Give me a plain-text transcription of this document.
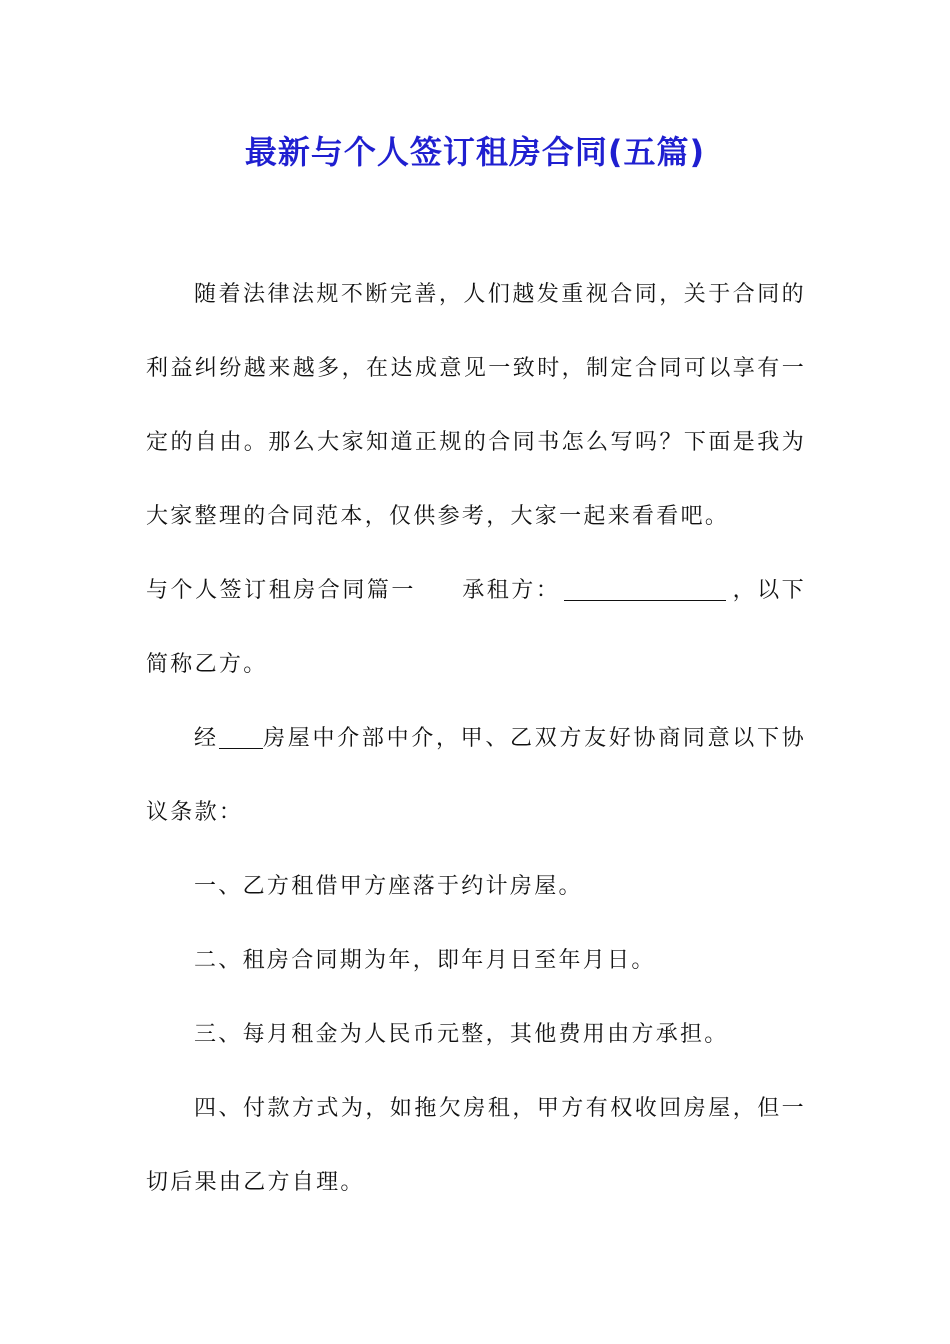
最新与个人签订租房合同(五篇)

随着法律法规不断完善，人们越发重视合同，关于合同的利益纠纷越来越多，在达成意见一致时，制定合同可以享有一定的自由。那么大家知道正规的合同书怎么写吗？下面是我为大家整理的合同范本，仅供参考，大家一起来看看吧。

与个人签订租房合同篇一 承租方：	，以下简称乙方。

经 房屋中介部中介，甲、乙双方友好协商同意以下协议条款：

一、乙方租借甲方座落于约计房屋。

二、租房合同期为年，即年月日至年月日。

三、每月租金为人民币元整，其他费用由方承担。

四、付款方式为，如拖欠房租，甲方有权收回房屋，但一切后果由乙方自理。
